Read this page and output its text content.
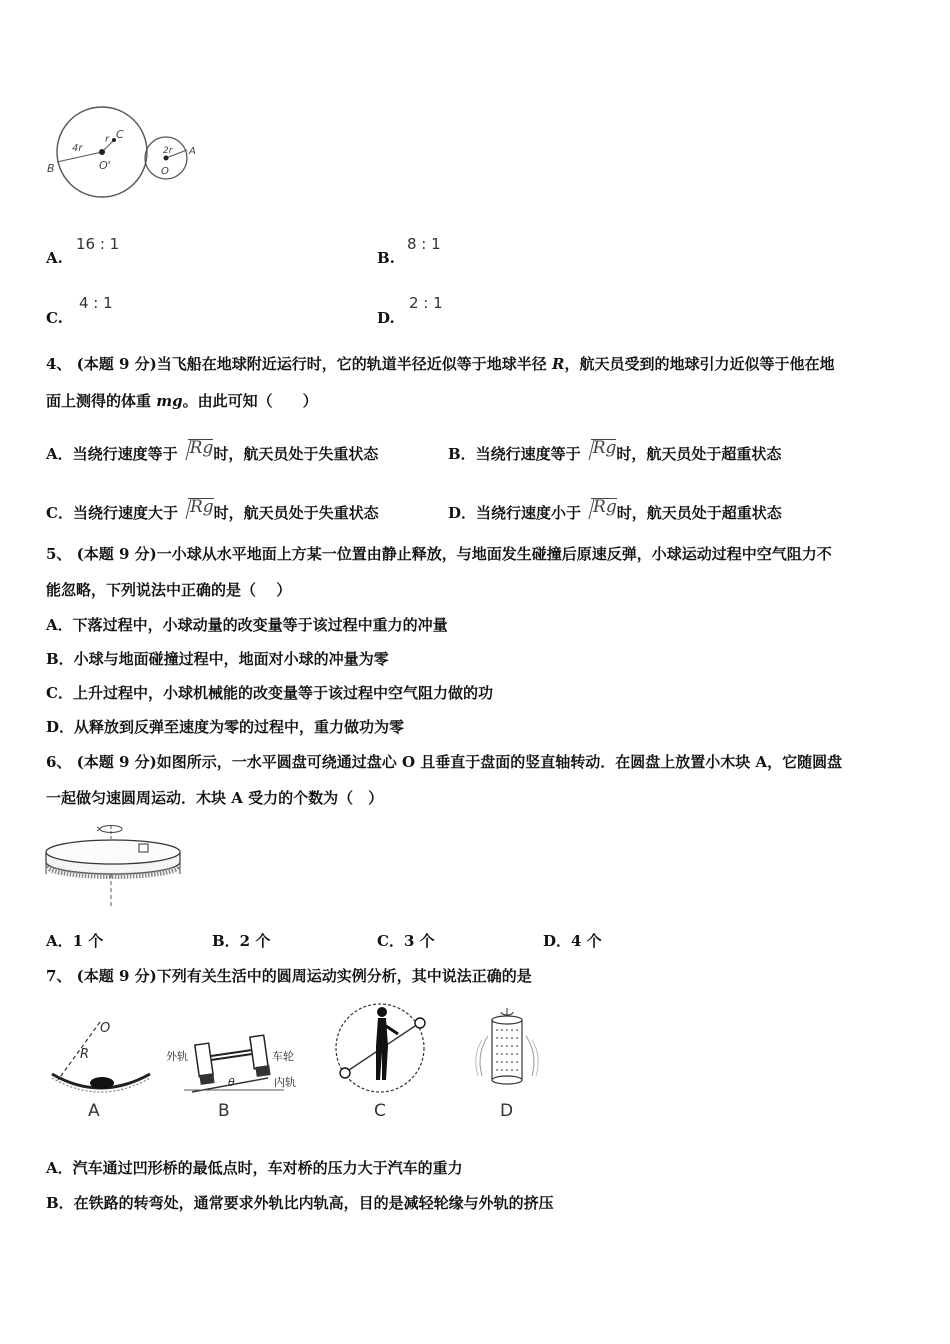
B
4r
r C
O'
2r A
O
A.
16 : 1
B.
8 : 1
C.
4 : 1
D.
2 : 1
4、 (本题 9 分)当飞船在地球附近运行时，它的轨道半径近似等于地球半径 R，航天员受到的地球引力近似等于他在地
面上测得的体重 mg。由此可知（　　）
A．当绕行速度等于 Rg时，航天员处于失重状态	B．当绕行速度等于 Rg时，航天员处于超重状态
C．当绕行速度大于 Rg时，航天员处于失重状态	D．当绕行速度小于 Rg时，航天员处于超重状态
5、 (本题 9 分)一小球从水平地面上方某一位置由静止释放，与地面发生碰撞后原速反弹，小球运动过程中空气阻力不
能忽略，下列说法中正确的是（　 ）
A．下落过程中，小球动量的改变量等于该过程中重力的冲量
B．小球与地面碰撞过程中，地面对小球的冲量为零
C．上升过程中，小球机械能的改变量等于该过程中空气阻力做的功
D．从释放到反弹至速度为零的过程中，重力做功为零
6、 (本题 9 分)如图所示，一水平圆盘可绕通过盘心 O 且垂直于盘面的竖直轴转动．在圆盘上放置小木块 A，它随圆盘
一起做匀速圆周运动．木块 A 受力的个数为（　）
A．1 个	B．2 个	C．3 个	D．4 个
7、 (本题 9 分)下列有关生活中的圆周运动实例分析，其中说法正确的是
O
R
A
外轨	车轮
内轨
θ
B	C	D
A．汽车通过凹形桥的最低点时，车对桥的压力大于汽车的重力
B．在铁路的转弯处，通常要求外轨比内轨高，目的是减轻轮缘与外轨的挤压
